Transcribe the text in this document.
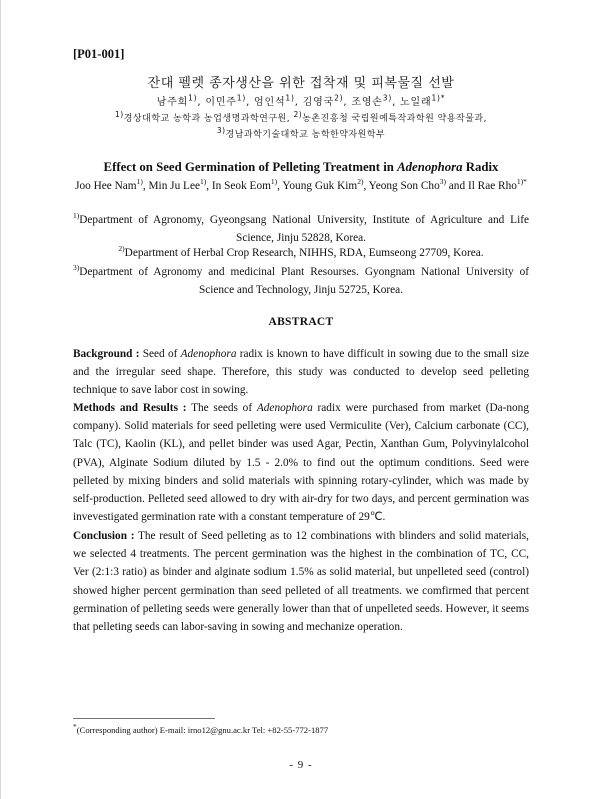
[P01-001]
잔대 펠렛 종자생산을 위한 접착재 및 피복물질 선발
남주희$^{1)}$, 이민주$^{1)}$, 엄인석$^{1)}$, 김영국$^{2)}$, 조영손$^{3)}$, 노일래$^{1)*}$
$^{1)}$경상대학교 농학과 농업생명과학연구원, $^{2)}$농촌진흥청 국립원예특작과학원 약용작물과,
$^{3)}$경남과학기술대학교 농학한약자원학부
Effect on Seed Germination of Pelleting Treatment in Adenophora Radix
Joo Hee Nam$^{1)}$, Min Ju Lee$^{1)}$, In Seok Eom$^{1)}$, Young Guk Kim$^{2)}$, Yeong Son Cho$^{3)}$ and Il Rae Rho$^{1)*}$
$^{1)}$Department of Agronomy, Gyeongsang National University, Institute of Agriculture and Life Science, Jinju 52828, Korea.
$^{2)}$Department of Herbal Crop Research, NIHHS, RDA, Eumseong 27709, Korea.
$^{3)}$Department of Agronomy and medicinal Plant Resourses. Gyongnam National University of Science and Technology, Jinju 52725, Korea.
ABSTRACT
Background : Seed of Adenophora radix is known to have difficult in sowing due to the small size and the irregular seed shape. Therefore, this study was conducted to develop seed pelleting technique to save labor cost in sowing.
Methods and Results : The seeds of Adenophora radix were purchased from market (Da-nong company). Solid materials for seed pelleting were used Vermiculite (Ver), Calcium carbonate (CC), Talc (TC), Kaolin (KL), and pellet binder was used Agar, Pectin, Xanthan Gum, Polyvinylalcohol (PVA), Alginate Sodium diluted by 1.5 - 2.0% to find out the optimum conditions. Seed were pelleted by mixing binders and solid materials with spinning rotary-cylinder, which was made by self-production. Pelleted seed allowed to dry with air-dry for two days, and percent germination was invevestigated germination rate with a constant temperature of 29℃.
Conclusion : The result of Seed pelleting as to 12 combinations with blinders and solid materials, we selected 4 treatments. The percent germination was the highest in the combination of TC, CC, Ver (2:1:3 ratio) as binder and alginate sodium 1.5% as solid material, but unpelleted seed (control) showed higher percent germination than seed pelleted of all treatments. we comfirmed that percent germination of pelleting seeds were generally lower than that of unpelleted seeds. However, it seems that pelleting seeds can labor-saving in sowing and mechanize operation.
*(Corresponding author) E-mail: irno12@gnu.ac.kr Tel: +82-55-772-1877
- 9 -
